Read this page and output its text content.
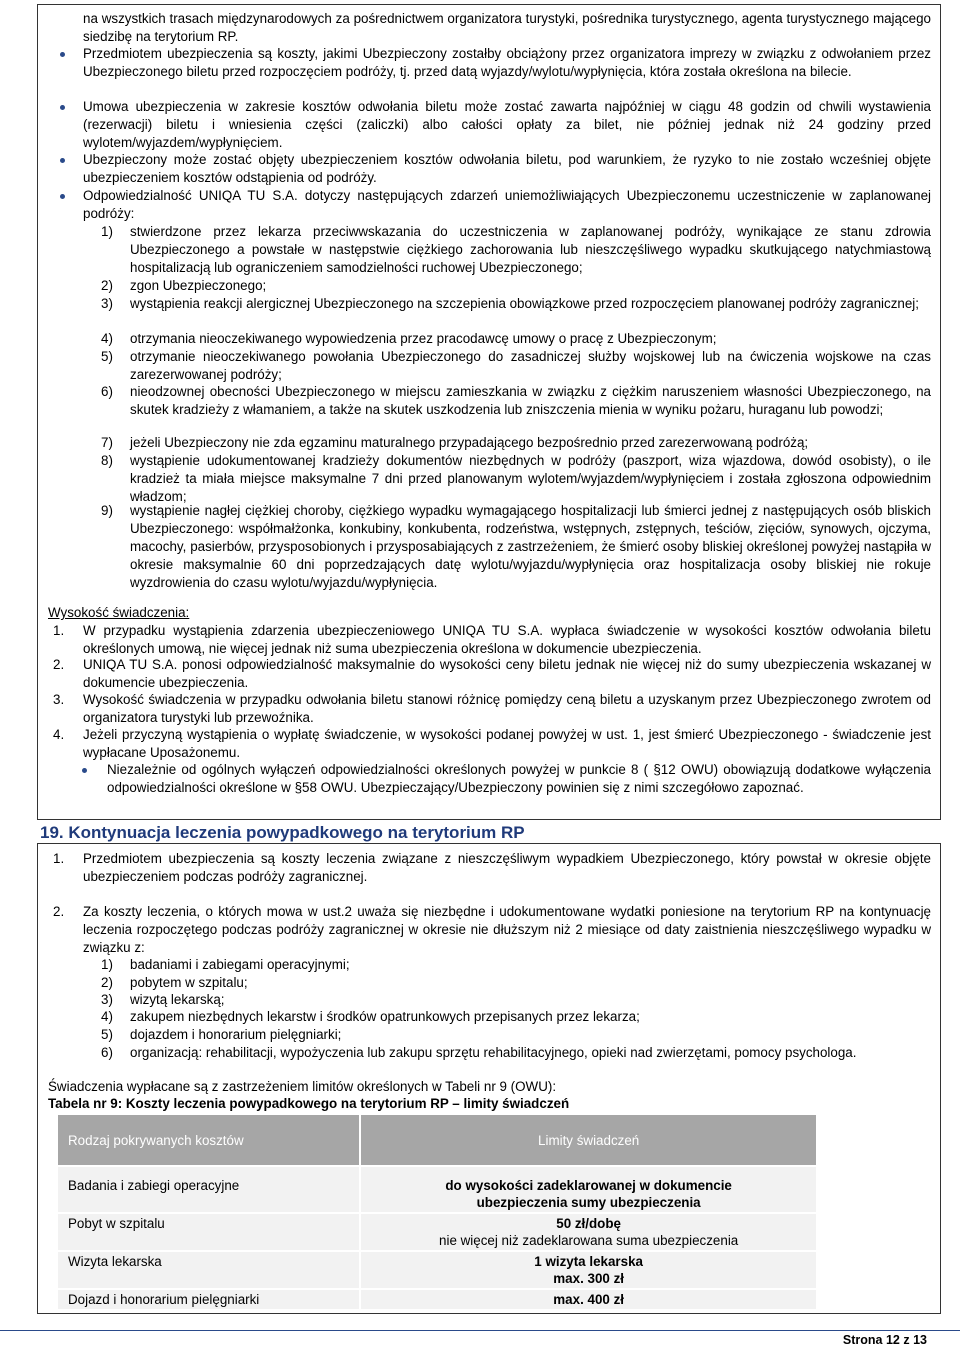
na wszystkich trasach międzynarodowych za pośrednictwem organizatora turystyki, pośrednika turystycznego, agenta turystycznego mającego siedzibę na terytorium RP.
Przedmiotem ubezpieczenia są koszty, jakimi Ubezpieczony zostałby obciążony przez organizatora imprezy w związku z odwołaniem przez Ubezpieczonego biletu przed rozpoczęciem podróży, tj. przed datą wyjazdy/wylotu/wypłynięcia, która została określona na bilecie.
Umowa ubezpieczenia w zakresie kosztów odwołania biletu może zostać zawarta najpóźniej w ciągu 48 godzin od chwili wystawienia (rezerwacji) biletu i wniesienia części (zaliczki) albo całości opłaty za bilet, nie później jednak niż 24 godziny przed wylotem/wyjazdem/wypłynięciem.
Ubezpieczony może zostać objęty ubezpieczeniem kosztów odwołania biletu, pod warunkiem, że ryzyko to nie zostało wcześniej objęte ubezpieczeniem kosztów odstąpienia od podróży.
Odpowiedzialność UNIQA TU S.A. dotyczy następujących zdarzeń uniemożliwiających Ubezpieczonemu uczestniczenie w zaplanowanej podróży:
1) stwierdzone przez lekarza przeciwwskazania do uczestniczenia w zaplanowanej podróży, wynikające ze stanu zdrowia Ubezpieczonego a powstałe w następstwie ciężkiego zachorowania lub nieszczęśliwego wypadku skutkującego natychmiastową hospitalizacją lub ograniczeniem samodzielności ruchowej Ubezpieczonego;
2) zgon Ubezpieczonego;
3) wystąpienia reakcji alergicznej Ubezpieczonego na szczepienia obowiązkowe przed rozpoczęciem planowanej podróży zagranicznej;
4) otrzymania nieoczekiwanego wypowiedzenia przez pracodawcę umowy o pracę z Ubezpieczonym;
5) otrzymanie nieoczekiwanego powołania Ubezpieczonego do zasadniczej służby wojskowej lub na ćwiczenia wojskowe na czas zarezerwowanej podróży;
6) nieodzownej obecności Ubezpieczonego w miejscu zamieszkania w związku z ciężkim naruszeniem własności Ubezpieczonego, na skutek kradzieży z włamaniem, a także na skutek uszkodzenia lub zniszczenia mienia w wyniku pożaru, huraganu lub powodzi;
7) jeżeli Ubezpieczony nie zda egzaminu maturalnego przypadającego bezpośrednio przed zarezerwowaną podróżą;
8) wystąpienie udokumentowanej kradzieży dokumentów niezbędnych w podróży (paszport, wiza wjazdowa, dowód osobisty), o ile kradzież ta miała miejsce maksymalne 7 dni przed planowanym wylotem/wyjazdem/wypłynięciem i została zgłoszona odpowiednim władzom;
9) wystąpienie nagłej ciężkiej choroby, ciężkiego wypadku wymagającego hospitalizacji lub śmierci jednej z następujących osób bliskich Ubezpieczonego: współmałżonka, konkubiny, konkubenta, rodzeństwa, wstępnych, zstępnych, teściów, zięciów, synowych, ojczyma, macochy, pasierbów, przysposobionych i przysposabiających z zastrzeżeniem, że śmierć osoby bliskiej określonej powyżej nastąpiła w okresie maksymalnie 60 dni poprzedzających datę wylotu/wyjazdu/wypłynięcia oraz hospitalizacja osoby bliskiej nie rokuje wyzdrowienia do czasu wylotu/wyjazdu/wypłynięcia.
Wysokość świadczenia:
1. W przypadku wystąpienia zdarzenia ubezpieczeniowego UNIQA TU S.A. wypłaca świadczenie w wysokości kosztów odwołania biletu określonych umową, nie więcej jednak niż suma ubezpieczenia określona w dokumencie ubezpieczenia.
2. UNIQA TU S.A. ponosi odpowiedzialność maksymalnie do wysokości ceny biletu jednak nie więcej niż do sumy ubezpieczenia wskazanej w dokumencie ubezpieczenia.
3. Wysokość świadczenia w przypadku odwołania biletu stanowi różnicę pomiędzy ceną biletu a uzyskanym przez Ubezpieczonego zwrotem od organizatora turystyki lub przewoźnika.
4. Jeżeli przyczyną wystąpienia o wypłatę świadczenie, w wysokości podanej powyżej w ust. 1, jest śmierć Ubezpieczonego - świadczenie jest wypłacane Uposażonemu.
Niezależnie od ogólnych wyłączeń odpowiedzialności określonych powyżej w punkcie 8 ( §12 OWU) obowiązują dodatkowe wyłączenia odpowiedzialności określone w §58 OWU. Ubezpieczający/Ubezpieczony powinien się z nimi szczegółowo zapoznać.
19. Kontynuacja leczenia powypadkowego na terytorium RP
1. Przedmiotem ubezpieczenia są koszty leczenia związane z nieszczęśliwym wypadkiem Ubezpieczonego, który powstał w okresie objęte ubezpieczeniem podczas podróży zagranicznej.
2. Za koszty leczenia, o których mowa w ust.2 uważa się niezbędne i udokumentowane wydatki poniesione na terytorium RP na kontynuację leczenia rozpoczętego podczas podróży zagranicznej w okresie nie dłuższym niż 2 miesiące od daty zaistnienia nieszczęśliwego wypadku w związku z:
1) badaniami i zabiegami operacyjnymi;
2) pobytem w szpitalu;
3) wizytą lekarską;
4) zakupem niezbędnych lekarstw i środków opatrunkowych przepisanych przez lekarza;
5) dojazdem i honorarium pielęgniarki;
6) organizacją: rehabilitacji, wypożyczenia lub zakupu sprzętu rehabilitacyjnego, opieki nad zwierzętami, pomocy psychologa.
Świadczenia wypłacane są z zastrzeżeniem limitów określonych w Tabeli nr 9 (OWU):
Tabela nr 9: Koszty leczenia powypadkowego na terytorium RP – limity świadczeń
Rodzaj pokrywanych kosztów	Limity świadczeń
Badania i zabiegi operacyjne	do wysokości zadeklarowanej w dokumencie
ubezpieczenia sumy ubezpieczenia
Pobyt w szpitalu	50 zł/dobę
nie więcej niż zadeklarowana suma ubezpieczenia
Wizyta lekarska	1 wizyta lekarska
max. 300 zł
Dojazd i honorarium pielęgniarki	max. 400 zł
Strona 12 z 13
